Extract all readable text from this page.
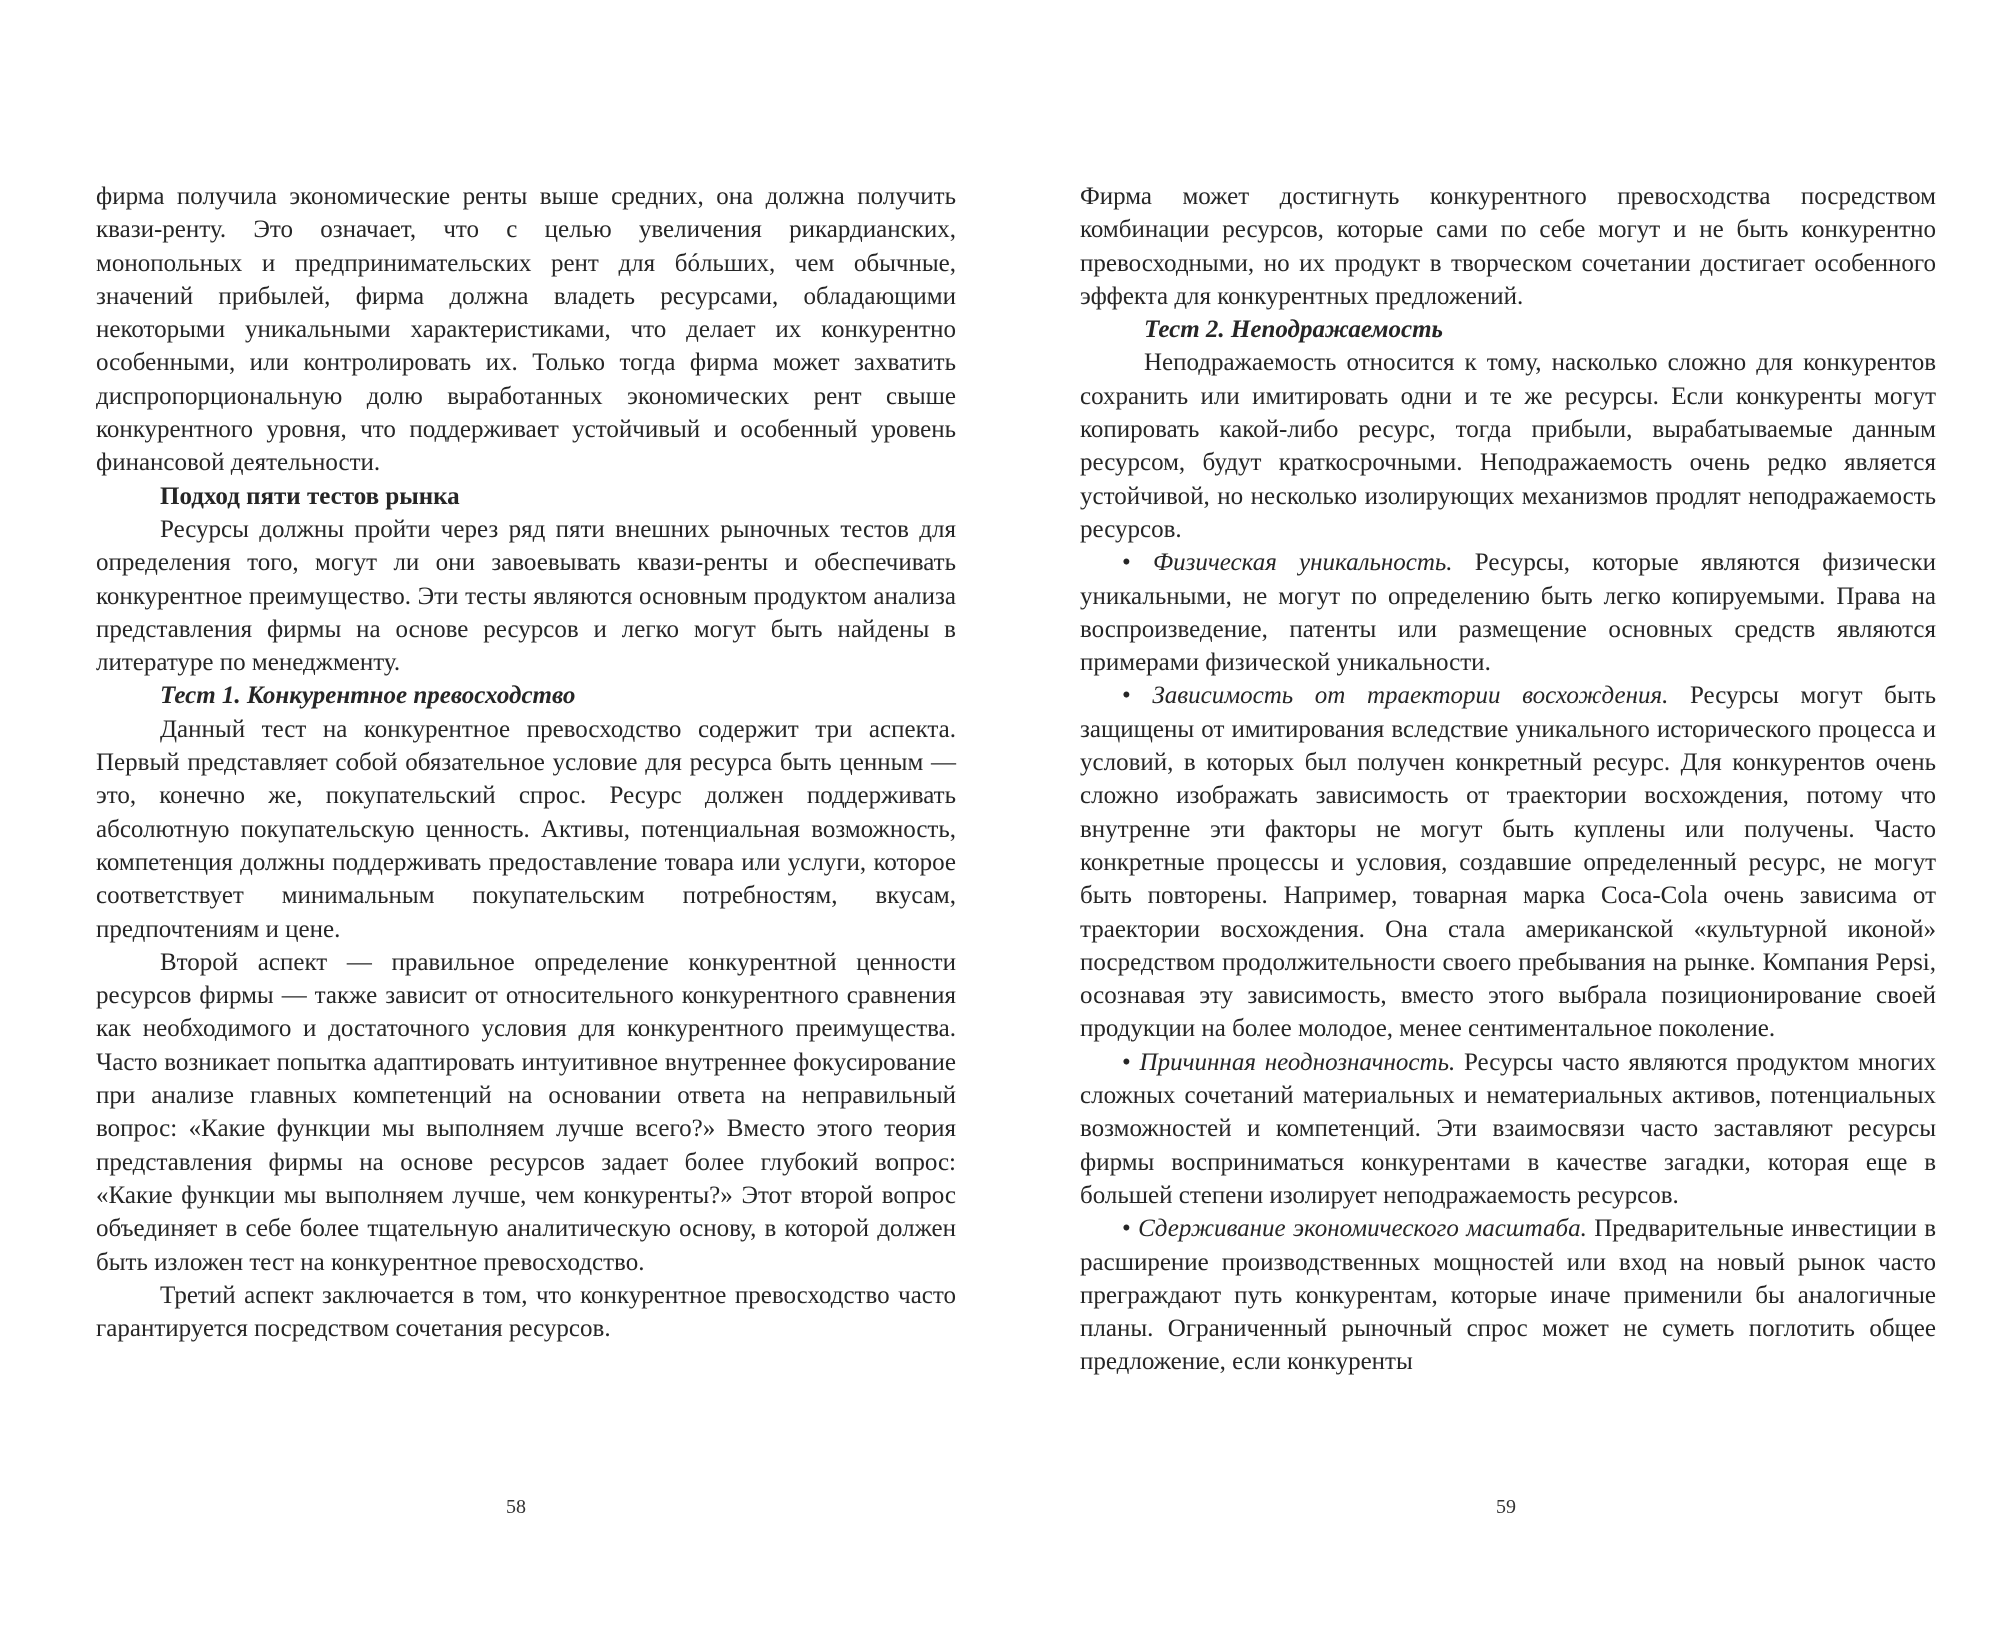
фирма получила экономические ренты выше средних, она должна получить квази-ренту. Это означает, что с целью увеличения рикардианских, монопольных и предпринимательских рент для бóльших, чем обычные, значений прибылей, фирма должна владеть ресурсами, обладающими некоторыми уникальными характеристиками, что делает их конкурентно особенными, или контролировать их. Только тогда фирма может захватить диспропорциональную долю выработанных экономических рент свыше конкурентного уровня, что поддерживает устойчивый и особенный уровень финансовой деятельности.

Подход пяти тестов рынка

Ресурсы должны пройти через ряд пяти внешних рыночных тестов для определения того, могут ли они завоевывать квази-ренты и обеспечивать конкурентное преимущество. Эти тесты являются основным продуктом анализа представления фирмы на основе ресурсов и легко могут быть найдены в литературе по менеджменту.

Тест 1. Конкурентное превосходство

Данный тест на конкурентное превосходство содержит три аспекта. Первый представляет собой обязательное условие для ресурса быть ценным — это, конечно же, покупательский спрос. Ресурс должен поддерживать абсолютную покупательскую ценность. Активы, потенциальная возможность, компетенция должны поддерживать предоставление товара или услуги, которое соответствует минимальным покупательским потребностям, вкусам, предпочтениям и цене.

Второй аспект — правильное определение конкурентной ценности ресурсов фирмы — также зависит от относительного конкурентного сравнения как необходимого и достаточного условия для конкурентного преимущества. Часто возникает попытка адаптировать интуитивное внутреннее фокусирование при анализе главных компетенций на основании ответа на неправильный вопрос: «Какие функции мы выполняем лучше всего?» Вместо этого теория представления фирмы на основе ресурсов задает более глубокий вопрос: «Какие функции мы выполняем лучше, чем конкуренты?» Этот второй вопрос объединяет в себе более тщательную аналитическую основу, в которой должен быть изложен тест на конкурентное превосходство.

Третий аспект заключается в том, что конкурентное превосходство часто гарантируется посредством сочетания ресурсов.

58

Фирма может достигнуть конкурентного превосходства посредством комбинации ресурсов, которые сами по себе могут и не быть конкурентно превосходными, но их продукт в творческом сочетании достигает особенного эффекта для конкурентных предложений.

Тест 2. Неподражаемость

Неподражаемость относится к тому, насколько сложно для конкурентов сохранить или имитировать одни и те же ресурсы. Если конкуренты могут копировать какой-либо ресурс, тогда прибыли, вырабатываемые данным ресурсом, будут краткосрочными. Неподражаемость очень редко является устойчивой, но несколько изолирующих механизмов продлят неподражаемость ресурсов.

• Физическая уникальность. Ресурсы, которые являются физически уникальными, не могут по определению быть легко копируемыми. Права на воспроизведение, патенты или размещение основных средств являются примерами физической уникальности.

• Зависимость от траектории восхождения. Ресурсы могут быть защищены от имитирования вследствие уникального исторического процесса и условий, в которых был получен конкретный ресурс. Для конкурентов очень сложно изображать зависимость от траектории восхождения, потому что внутренне эти факторы не могут быть куплены или получены. Часто конкретные процессы и условия, создавшие определенный ресурс, не могут быть повторены. Например, товарная марка Coca-Cola очень зависима от траектории восхождения. Она стала американской «культурной иконой» посредством продолжительности своего пребывания на рынке. Компания Pepsi, осознавая эту зависимость, вместо этого выбрала позиционирование своей продукции на более молодое, менее сентиментальное поколение.

• Причинная неоднозначность. Ресурсы часто являются продуктом многих сложных сочетаний материальных и нематериальных активов, потенциальных возможностей и компетенций. Эти взаимосвязи часто заставляют ресурсы фирмы восприниматься конкурентами в качестве загадки, которая еще в большей степени изолирует неподражаемость ресурсов.

• Сдерживание экономического масштаба. Предварительные инвестиции в расширение производственных мощностей или вход на новый рынок часто преграждают путь конкурентам, которые иначе применили бы аналогичные планы. Ограниченный рыночный спрос может не суметь поглотить общее предложение, если конкуренты

59
